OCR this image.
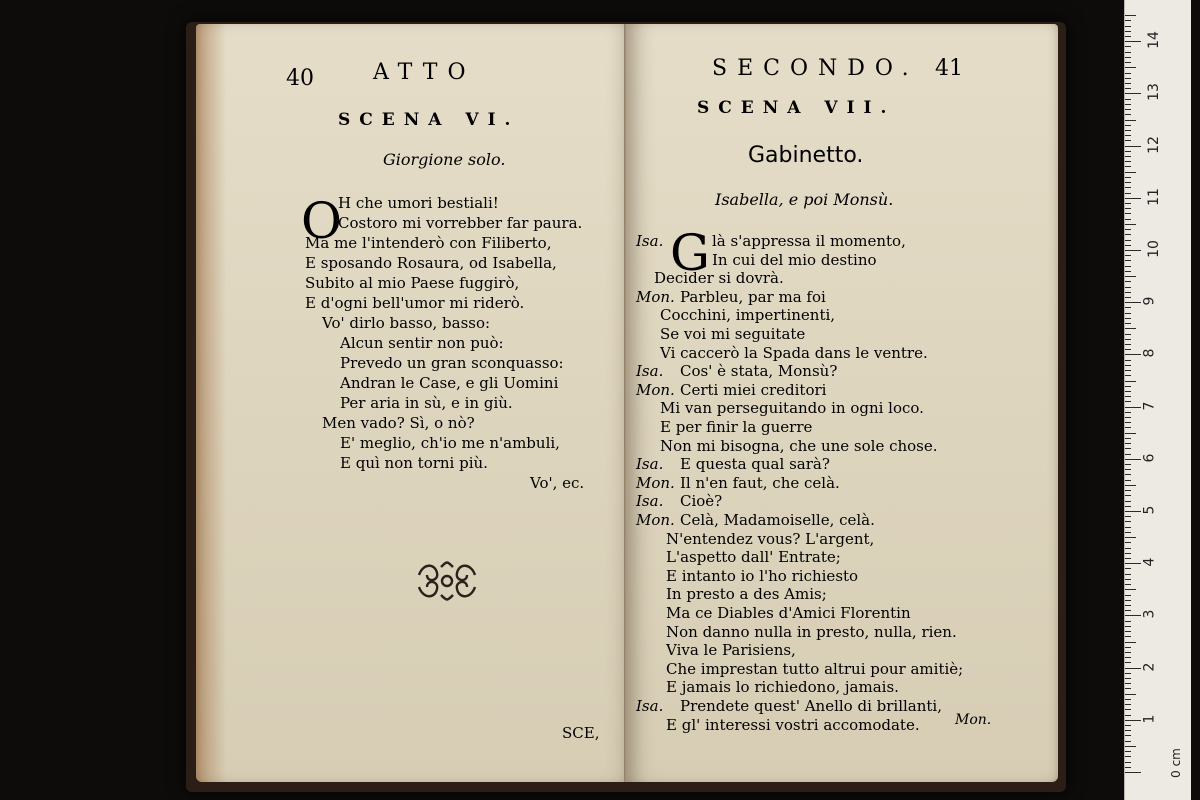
40	ATTO
SCENA VI.
Giorgione solo.
O
H che umori bestiali!
Costoro mi vorrebber far paura.
Ma me l'intenderò con Filiberto,
E sposando Rosaura, od Isabella,
Subito al mio Paese fuggirò,
E d'ogni bell'umor mi riderò.
Vo' dirlo basso, basso:
Alcun sentir non può:
Prevedo un gran sconquasso:
Andran le Case, e gli Uomini
Per aria in sù, e in giù.
Men vado? Sì, o nò?
E' meglio, ch'io me n'ambuli,
E quì non torni più.
Vo', ec.
SCE,
SECONDO. 41
SCENA VII.
Gabinetto.
Isabella, e poi Monsù.
G
Isa.	là s'appressa il momento,
In cui del mio destino
Decider si dovrà.
Mon. Parbleu, par ma foi
Cocchini, impertinenti,
Se voi mi seguitate
Vi caccerò la Spada dans le ventre.
Isa. Cos' è stata, Monsù?
Mon. Certi miei creditori
Mi van perseguitando in ogni loco.
E per finir la guerre
Non mi bisogna, che une sole chose.
Isa. E questa qual sarà?
Mon. Il n'en faut, che celà.
Isa. Cioè?
Mon. Celà, Madamoiselle, celà.
N'entendez vous? L'argent,
L'aspetto dall' Entrate;
E intanto io l'ho richiesto
In presto a des Amis;
Ma ce Diables d'Amici Florentin
Non danno nulla in presto, nulla, rien.
Viva le Parisiens,
Che imprestan tutto altrui pour amitiè;
E jamais lo richiedono, jamais.
Isa. Prendete quest' Anello di brillanti,
E gl' interessi vostri accomodate.	Mon.	1
2
3
4
5
6
7
8
9
10
11
12
13
14
0 cm
